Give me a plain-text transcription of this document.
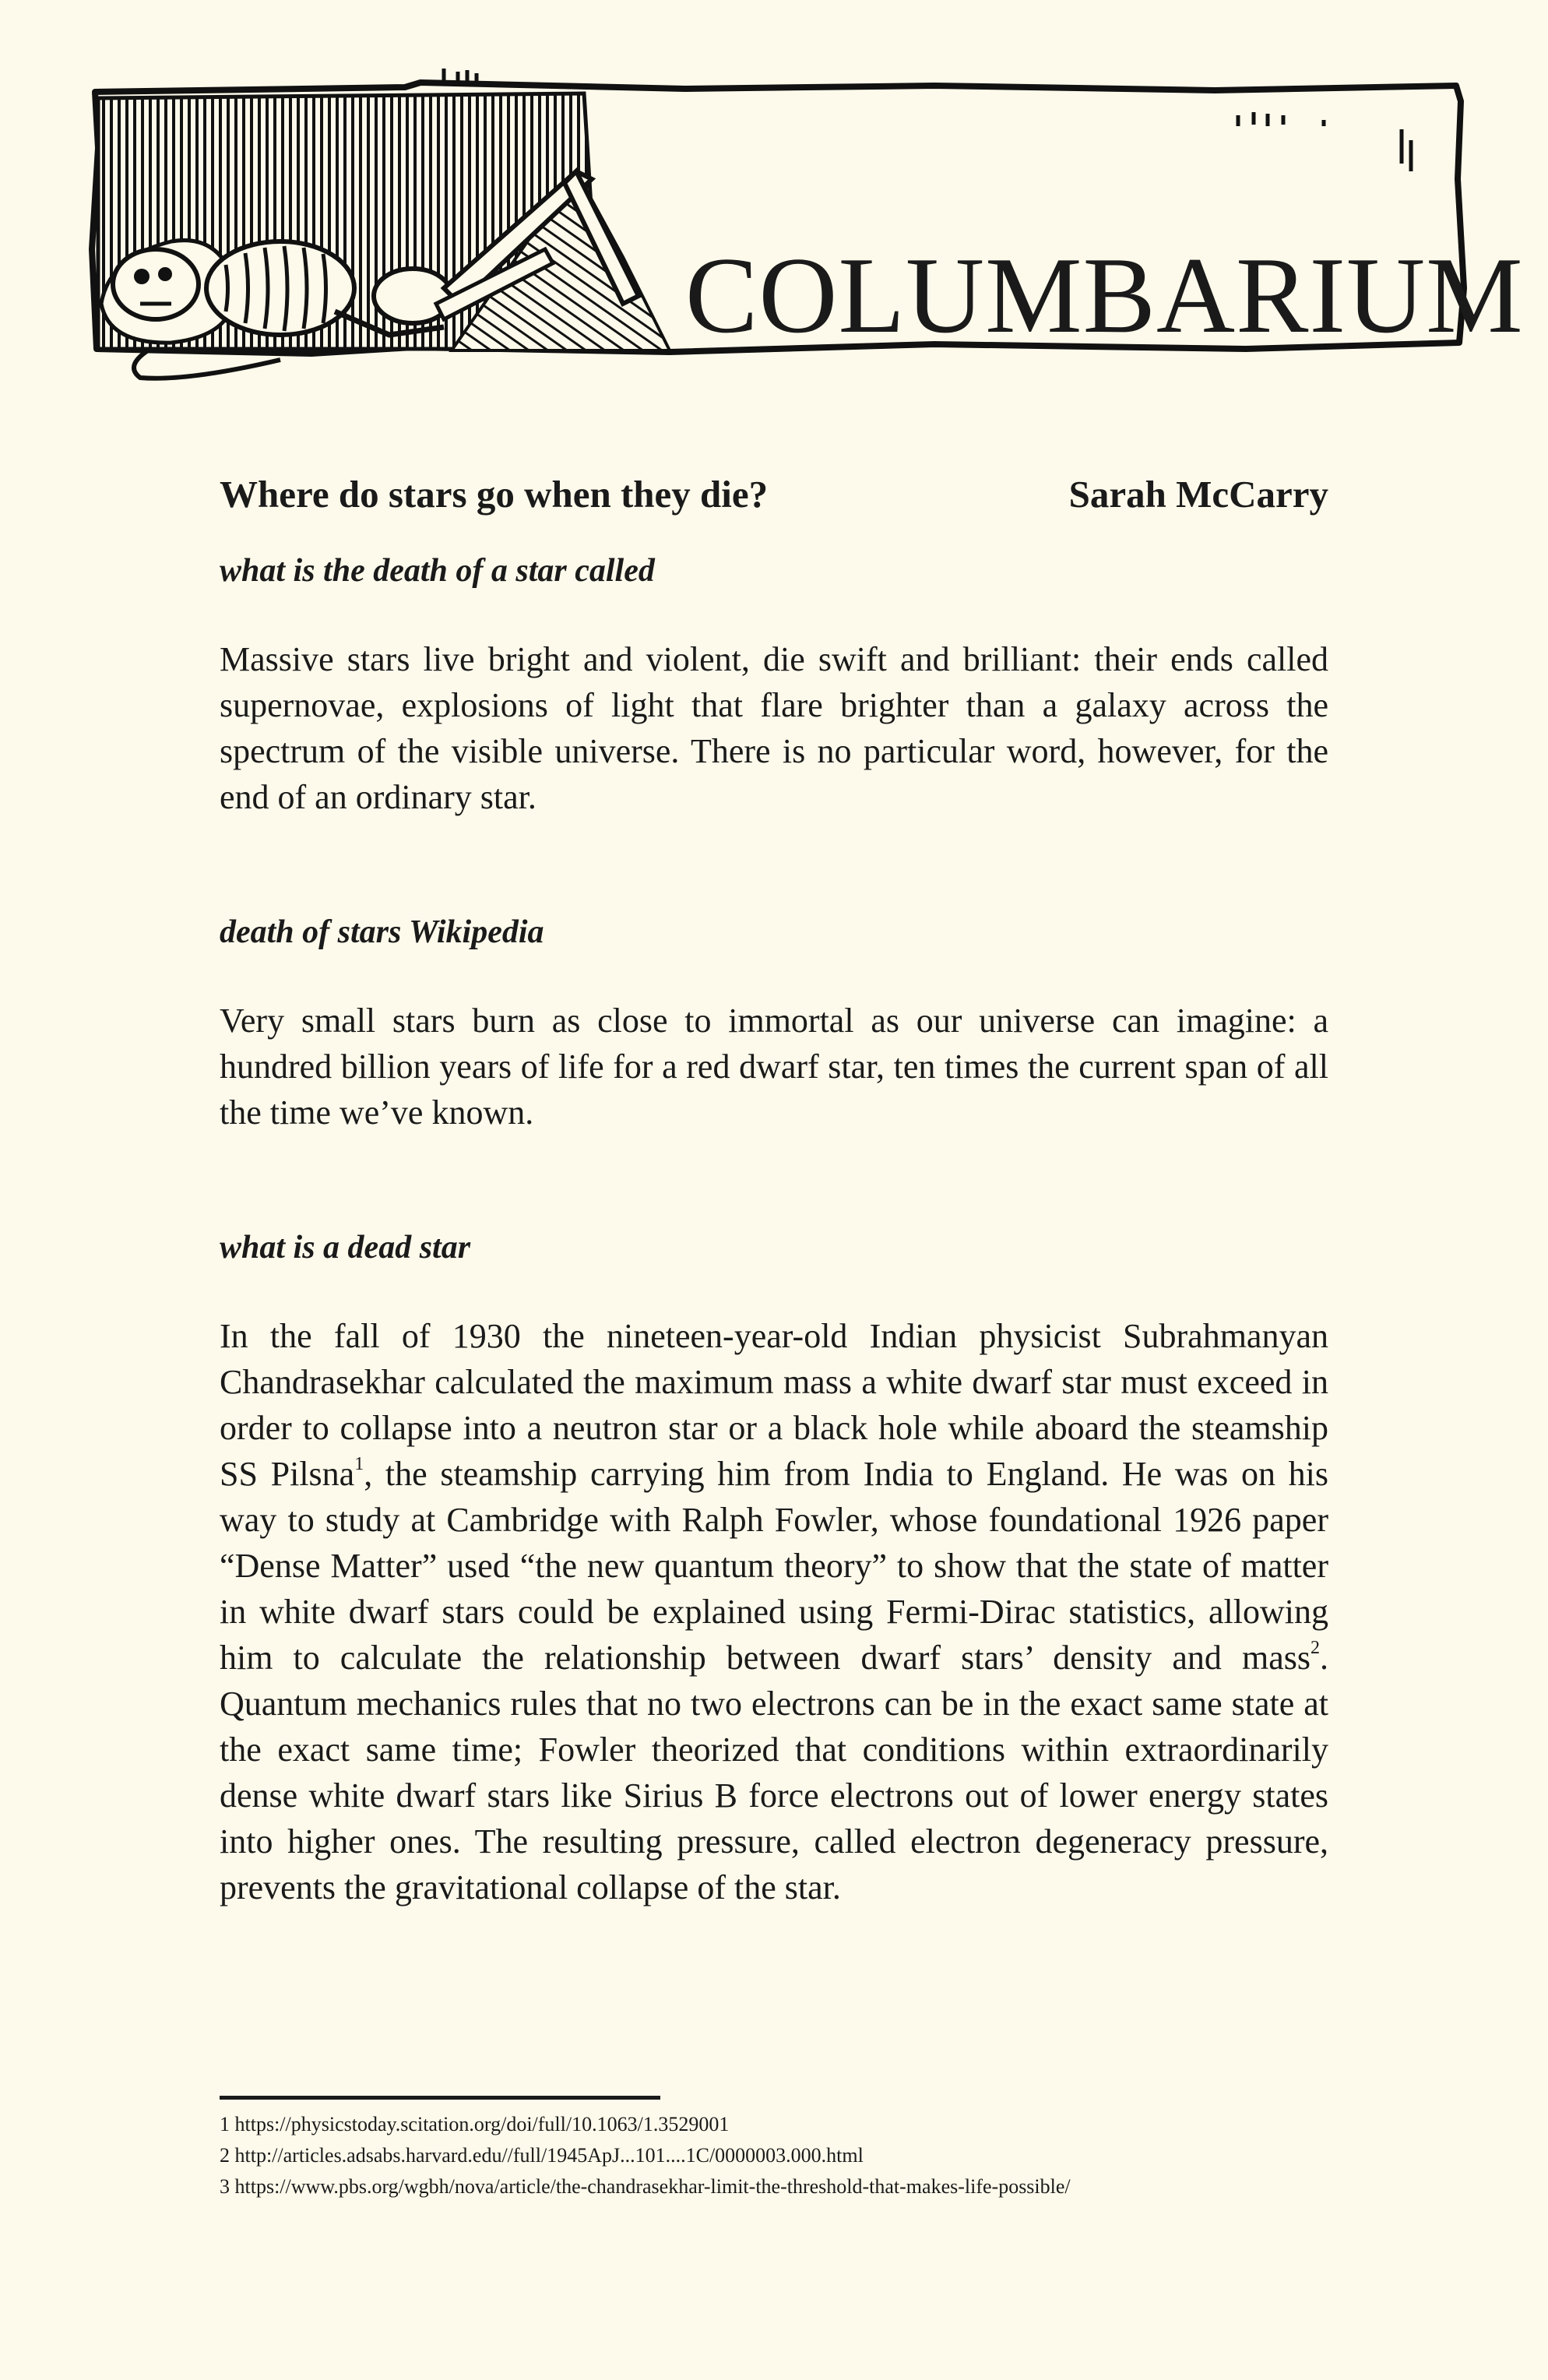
COLUMBARIUM
Where do stars go when they die?	Sarah McCarry

what is the death of a star called

Massive stars live bright and violent, die swift and brilliant: their ends called supernovae, explosions of light that flare brighter than a galaxy across the spectrum of the visible universe. There is no particular word, however, for the end of an ordinary star.

death of stars Wikipedia

Very small stars burn as close to immortal as our universe can imagine: a hundred billion years of life for a red dwarf star, ten times the current span of all the time we’ve known.

what is a dead star

In the fall of 1930 the nineteen-year-old Indian physicist Subrahmanyan Chandrasekhar calculated the maximum mass a white dwarf star must exceed in order to collapse into a neutron star or a black hole while aboard the steamship SS Pilsna$^1$, the steamship carrying him from India to England. He was on his way to study at Cambridge with Ralph Fowler, whose foundational 1926 paper “Dense Matter” used “the new quantum theory” to show that the state of matter in white dwarf stars could be explained using Fermi-Dirac statistics, allowing him to calculate the relationship between dwarf stars’ density and mass$^2$. Quantum mechanics rules that no two electrons can be in the exact same state at the exact same time; Fowler theorized that conditions within extraordinarily dense white dwarf stars like Sirius B force electrons out of lower energy states into higher ones. The resulting pressure, called electron degeneracy pressure, prevents the gravitational collapse of the star.

1 https://physicstoday.scitation.org/doi/full/10.1063/1.3529001

2 http://articles.adsabs.harvard.edu//full/1945ApJ...101....1C/0000003.000.html

3 https://www.pbs.org/wgbh/nova/article/the-chandrasekhar-limit-the-threshold-that-makes-life-possible/
